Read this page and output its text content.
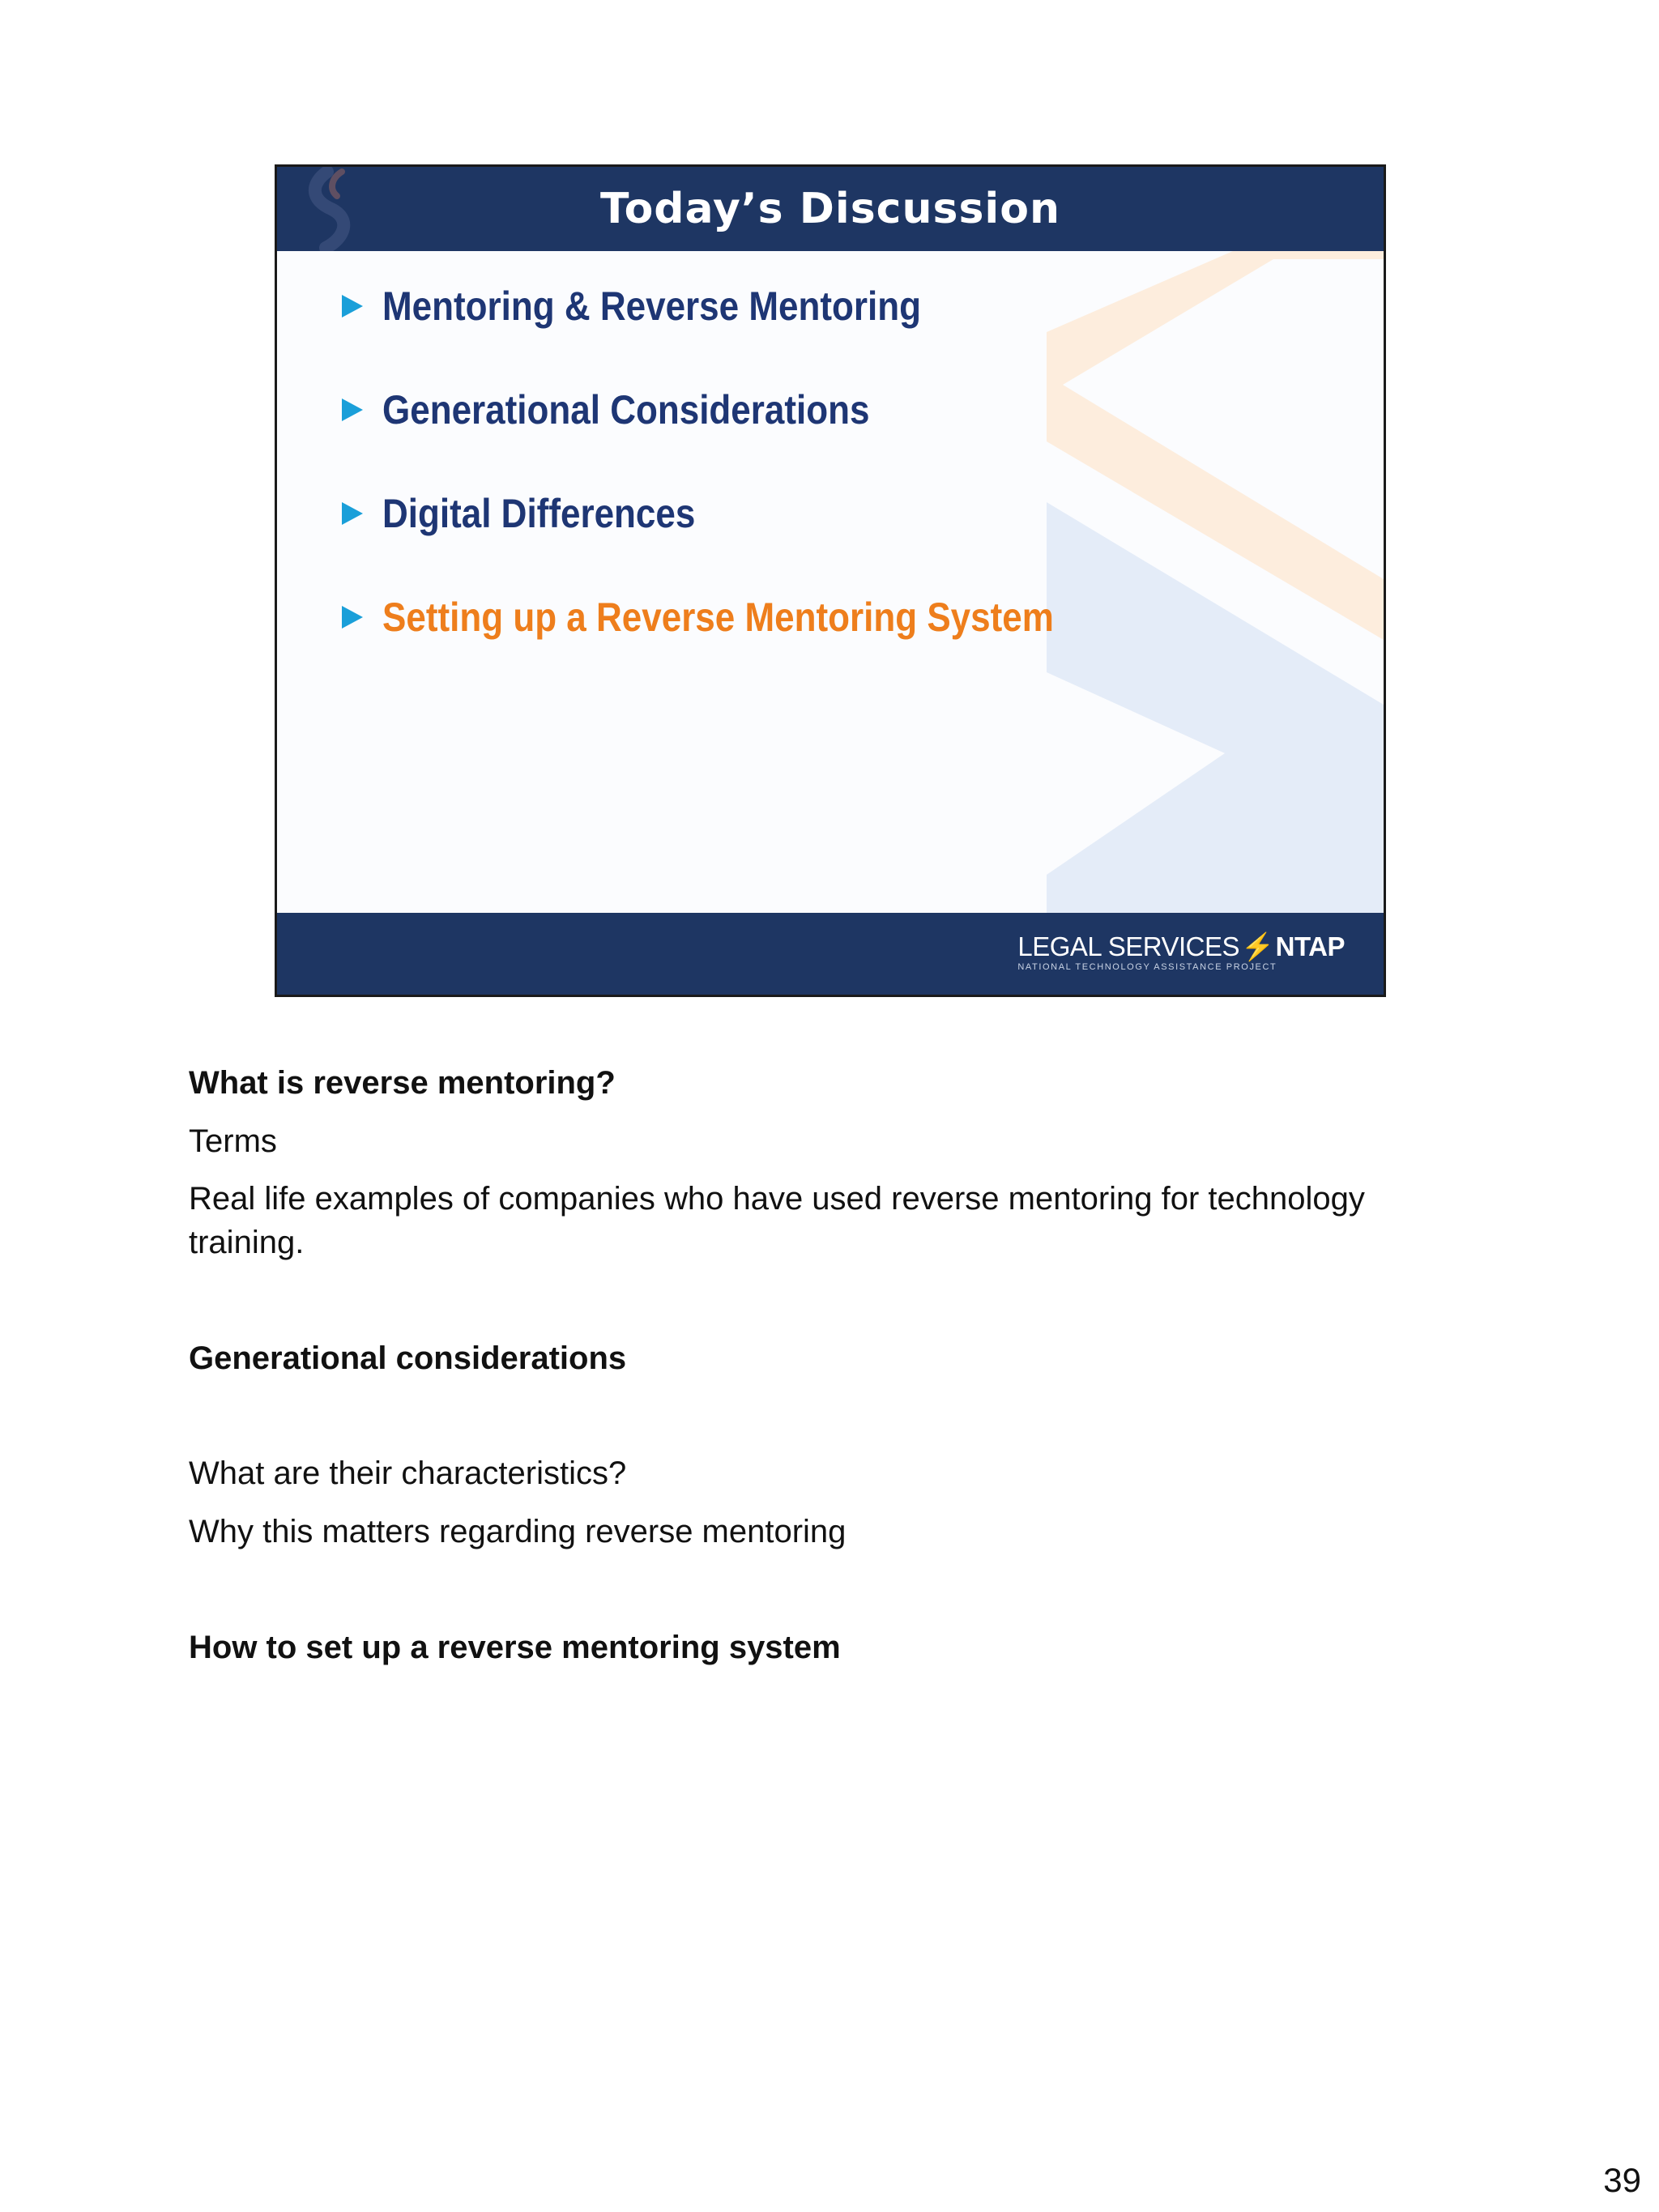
Today’s Discussion
Mentoring & Reverse Mentoring
Generational Considerations
Digital Differences
Setting up a Reverse Mentoring System
LEGAL SERVICES⚡NTAP
NATIONAL TECHNOLOGY ASSISTANCE PROJECT
What is reverse mentoring?
Terms
Real life examples of companies who have used reverse mentoring for technology training.
Generational considerations
What are their characteristics?
Why this matters regarding reverse mentoring
How to set up a reverse mentoring system
39
